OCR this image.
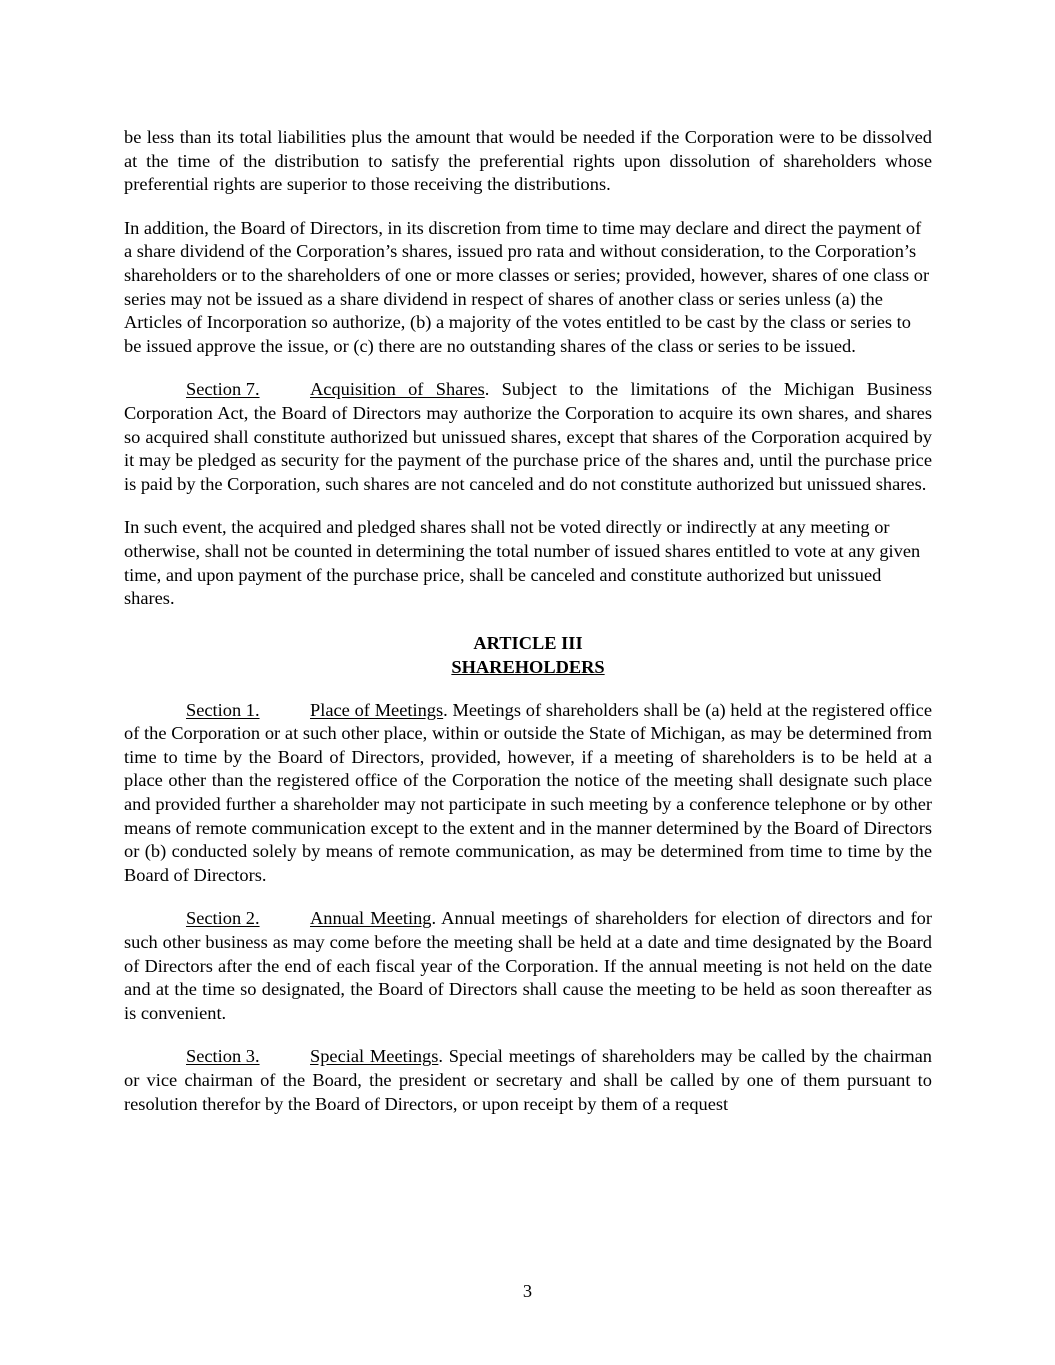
be less than its total liabilities plus the amount that would be needed if the Corporation were to be dissolved at the time of the distribution to satisfy the preferential rights upon dissolution of shareholders whose preferential rights are superior to those receiving the distributions.

In addition, the Board of Directors, in its discretion from time to time may declare and direct the payment of a share dividend of the Corporation’s shares, issued pro rata and without consideration, to the Corporation’s shareholders or to the shareholders of one or more classes or series; provided, however, shares of one class or series may not be issued as a share dividend in respect of shares of another class or series unless (a) the Articles of Incorporation so authorize, (b) a majority of the votes entitled to be cast by the class or series to be issued approve the issue, or (c) there are no outstanding shares of the class or series to be issued.

Section 7.	Acquisition of Shares. Subject to the limitations of the Michigan Business Corporation Act, the Board of Directors may authorize the Corporation to acquire its own shares, and shares so acquired shall constitute authorized but unissued shares, except that shares of the Corporation acquired by it may be pledged as security for the payment of the purchase price of the shares and, until the purchase price is paid by the Corporation, such shares are not canceled and do not constitute authorized but unissued shares.

In such event, the acquired and pledged shares shall not be voted directly or indirectly at any meeting or otherwise, shall not be counted in determining the total number of issued shares entitled to vote at any given time, and upon payment of the purchase price, shall be canceled and constitute authorized but unissued shares.

ARTICLE III
SHAREHOLDERS

Section 1.	Place of Meetings. Meetings of shareholders shall be (a) held at the registered office of the Corporation or at such other place, within or outside the State of Michigan, as may be determined from time to time by the Board of Directors, provided, however, if a meeting of shareholders is to be held at a place other than the registered office of the Corporation the notice of the meeting shall designate such place and provided further a shareholder may not participate in such meeting by a conference telephone or by other means of remote communication except to the extent and in the manner determined by the Board of Directors or (b) conducted solely by means of remote communication, as may be determined from time to time by the Board of Directors.

Section 2.	Annual Meeting. Annual meetings of shareholders for election of directors and for such other business as may come before the meeting shall be held at a date and time designated by the Board of Directors after the end of each fiscal year of the Corporation. If the annual meeting is not held on the date and at the time so designated, the Board of Directors shall cause the meeting to be held as soon thereafter as is convenient.

Section 3.	Special Meetings. Special meetings of shareholders may be called by the chairman or vice chairman of the Board, the president or secretary and shall be called by one of them pursuant to resolution therefor by the Board of Directors, or upon receipt by them of a request

3
